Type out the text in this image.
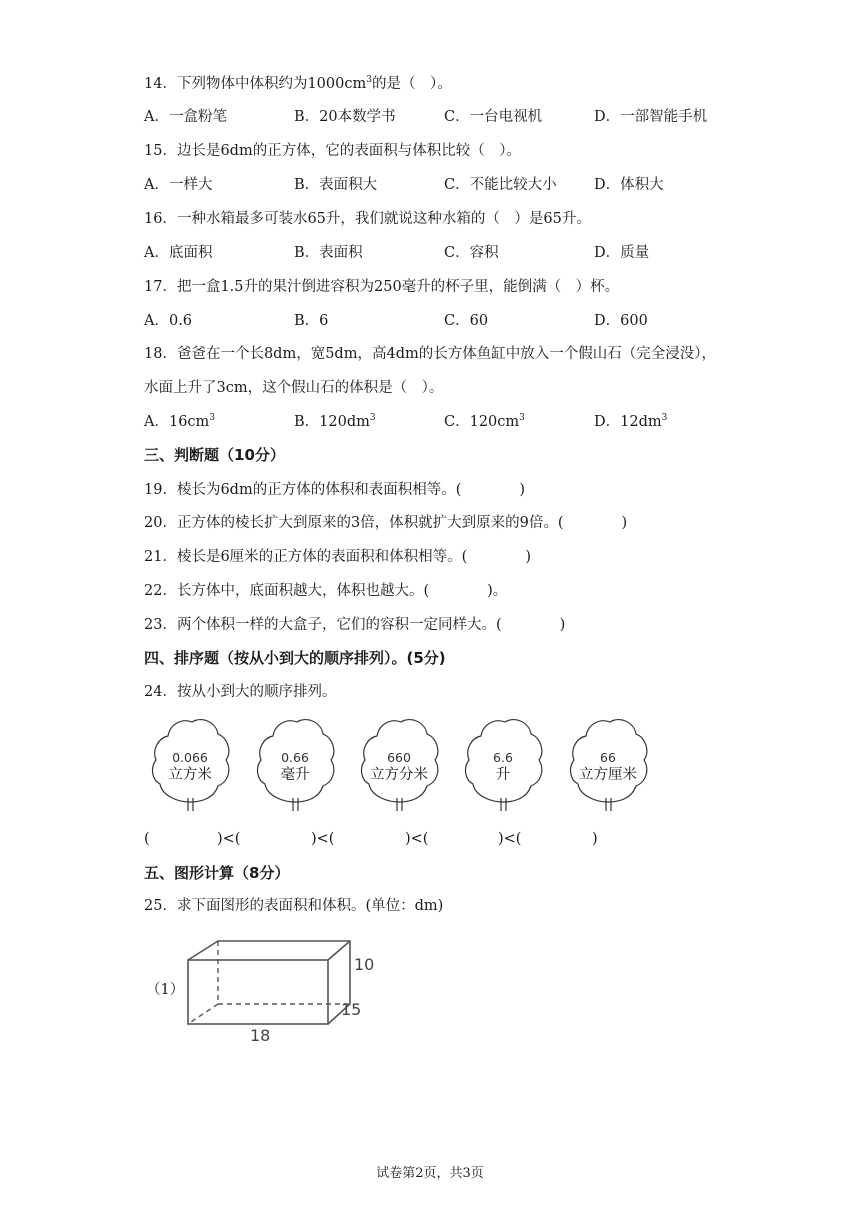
14．下列物体中体积约为$1000cm^3$的是（　）。
A．一盒粉笔	B．20本数学书	C．一台电视机	D．一部智能手机
15．边长是6dm的正方体，它的表面积与体积比较（　）。
A．一样大	B．表面积大	C．不能比较大小	D．体积大
16．一种水箱最多可装水65升，我们就说这种水箱的（　）是65升。
A．底面积	B．表面积	C．容积	D．质量
17．把一盒1.5升的果汁倒进容积为250毫升的杯子里，能倒满（　）杯。
A．0.6	B．6	C．60	D．600
18．爸爸在一个长8dm，宽5dm，高4dm的长方体鱼缸中放入一个假山石（完全浸没），
水面上升了3cm，这个假山石的体积是（　）。
A．$16cm^3$	B．$120dm^3$	C．$120cm^3$	D．$12dm^3$
三、判断题（10分）
19．棱长为6dm的正方体的体积和表面积相等。(　　　　)
20．正方体的棱长扩大到原来的3倍，体积就扩大到原来的9倍。(　　　　)
21．棱长是6厘米的正方体的表面积和体积相等。(　　　　)
22．长方体中，底面积越大，体积也越大。(　　　　)。
23．两个体积一样的大盒子，它们的容积一定同样大。(　　　　)
四、排序题（按从小到大的顺序排列）。(5分)
24．按从小到大的顺序排列。
0.066
立方米
0.66
毫升
660
立方分米
6.6
升
66
立方厘米
(	)<(	)<(	)<(	)<(	)
五、图形计算（8分）
25．求下面图形的表面积和体积。(单位：dm)
（1）
10
15
18
试卷第2页，共3页
